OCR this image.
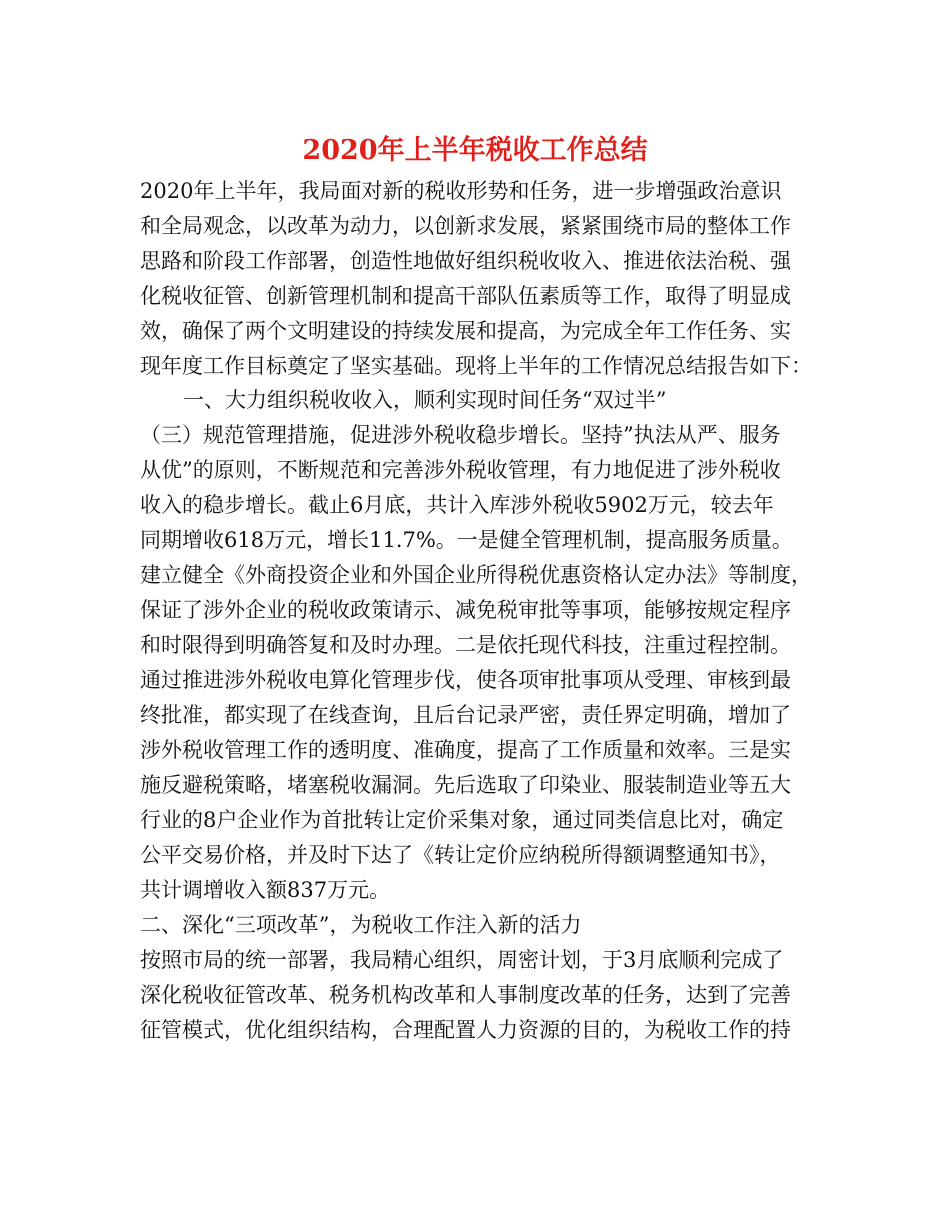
2020年上半年税收工作总结
2020年上半年，我局面对新的税收形势和任务，进一步增强政治意识
和全局观念，以改革为动力，以创新求发展，紧紧围绕市局的整体工作
思路和阶段工作部署，创造性地做好组织税收收入、推进依法治税、强
化税收征管、创新管理机制和提高干部队伍素质等工作，取得了明显成
效，确保了两个文明建设的持续发展和提高，为完成全年工作任务、实
现年度工作目标奠定了坚实基础。现将上半年的工作情况总结报告如下：
一、大力组织税收收入，顺利实现时间任务“双过半”
（三）规范管理措施，促进涉外税收稳步增长。坚持”执法从严、服务
从优”的原则，不断规范和完善涉外税收管理，有力地促进了涉外税收
收入的稳步增长。截止6月底，共计入库涉外税收5902万元，较去年
同期增收618万元，增长11.7%。一是健全管理机制，提高服务质量。
建立健全《外商投资企业和外国企业所得税优惠资格认定办法》等制度，
保证了涉外企业的税收政策请示、减免税审批等事项，能够按规定程序
和时限得到明确答复和及时办理。二是依托现代科技，注重过程控制。
通过推进涉外税收电算化管理步伐，使各项审批事项从受理、审核到最
终批准，都实现了在线查询，且后台记录严密，责任界定明确，增加了
涉外税收管理工作的透明度、准确度，提高了工作质量和效率。三是实
施反避税策略，堵塞税收漏洞。先后选取了印染业、服装制造业等五大
行业的8户企业作为首批转让定价采集对象，通过同类信息比对，确定
公平交易价格，并及时下达了《转让定价应纳税所得额调整通知书》，
共计调增收入额837万元。
二、深化“三项改革”，为税收工作注入新的活力
按照市局的统一部署，我局精心组织，周密计划，于3月底顺利完成了
深化税收征管改革、税务机构改革和人事制度改革的任务，达到了完善
征管模式，优化组织结构，合理配置人力资源的目的，为税收工作的持
